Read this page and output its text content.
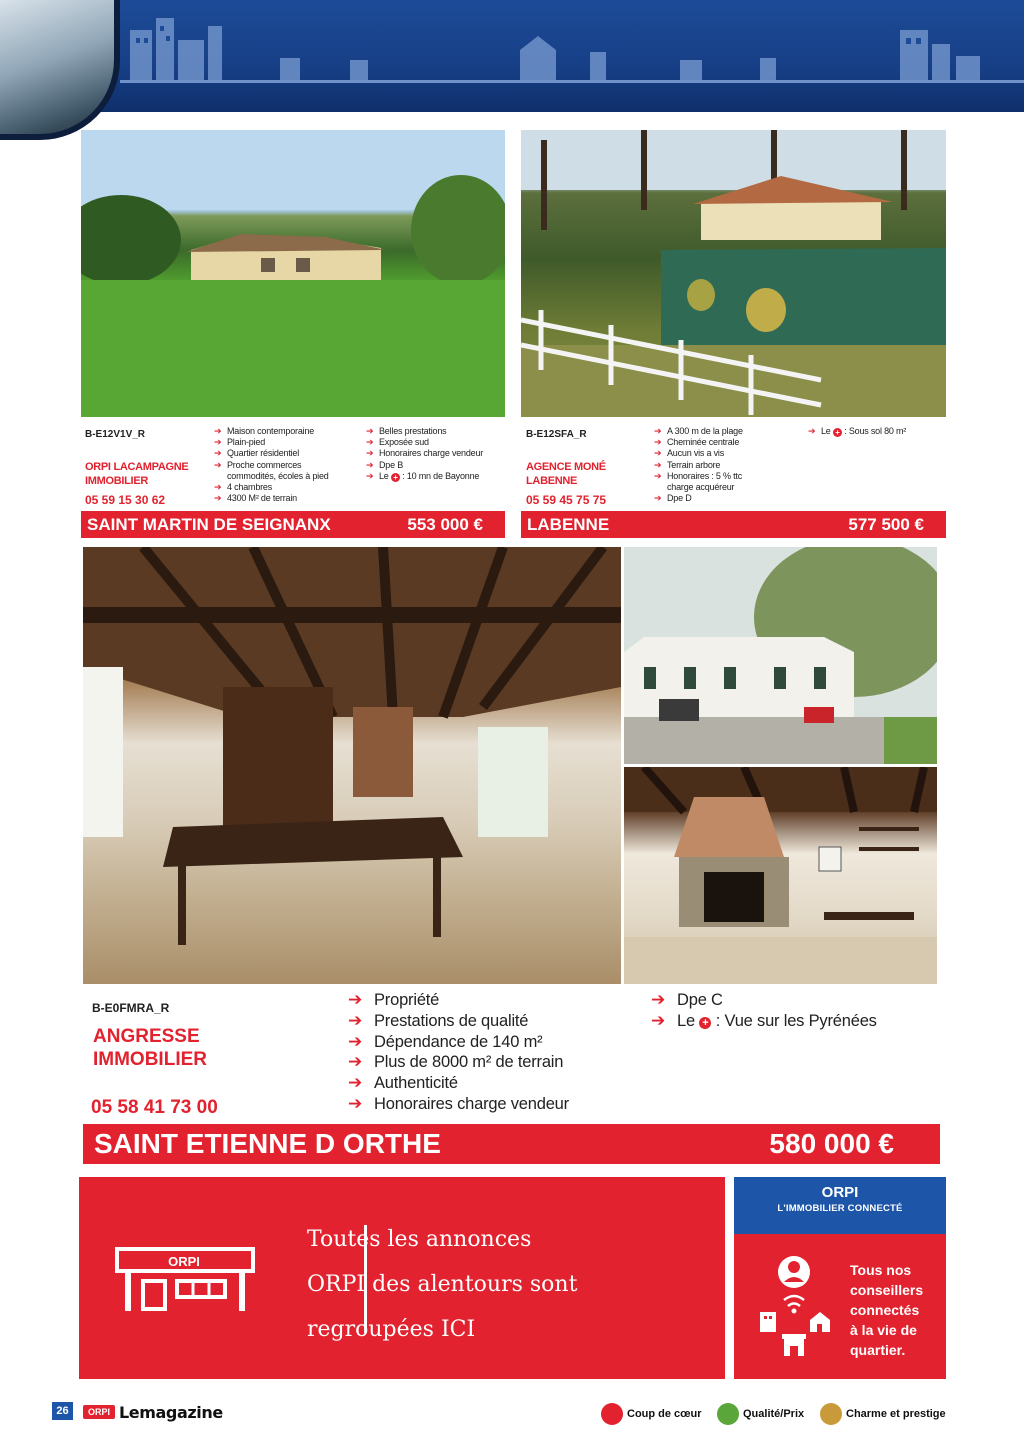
B-E12V1V_R
ORPI LACAMPAGNE
IMMOBILIER
05 59 15 30 62
➔ Maison contemporaine
➔ Plain-pied
➔ Quartier résidentiel
➔ Proche commerces
commodités, écoles à pied
➔ 4 chambres
➔ 4300 M² de terrain
➔ Belles prestations
➔ Exposée sud
➔ Honoraires charge vendeur
➔ Dpe B
➔ Le + : 10 mn de Bayonne
SAINT MARTIN DE SEIGNANX	553 000 €
B-E12SFA_R
AGENCE MONÉ
LABENNE
05 59 45 75 75
➔ A 300 m de la plage
➔ Cheminée centrale
➔ Aucun vis a vis
➔ Terrain arbore
➔ Honoraires : 5 % ttc
charge acquéreur
➔ Dpe D
➔ Le + : Sous sol 80 m²
LABENNE	577 500 €
B-E0FMRA_R
ANGRESSE
IMMOBILIER
05 58 41 73 00
➔ Propriété
➔ Prestations de qualité
➔ Dépendance de 140 m²
➔ Plus de 8000 m² de terrain
➔ Authenticité
➔ Honoraires charge vendeur
➔ Dpe C
➔ Le + : Vue sur les Pyrénées
SAINT ETIENNE D ORTHE	580 000 €
ORPI
Toutes les annonces
ORPI des alentours sont
regroupées ICI
ORPI
L'IMMOBILIER CONNECTÉ
Tous nos
conseillers
connectés
à la vie de
quartier.
26	ORPI Lemagazine	Coup de cœur	Qualité/Prix	Charme et prestige
